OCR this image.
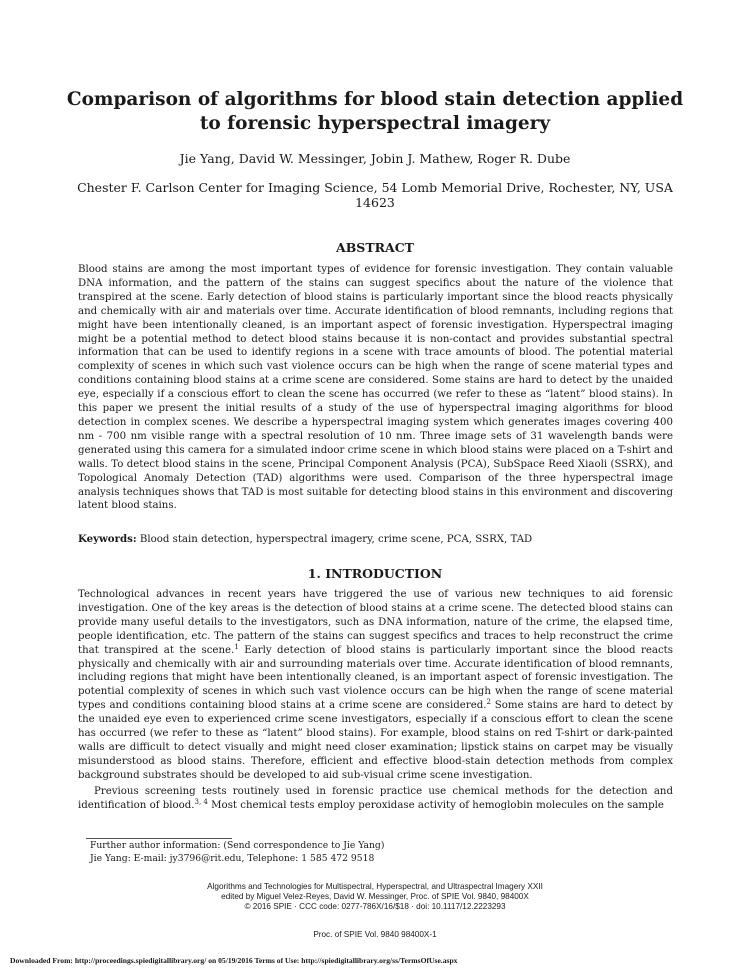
Comparison of algorithms for blood stain detection applied to forensic hyperspectral imagery
Jie Yang, David W. Messinger, Jobin J. Mathew, Roger R. Dube
Chester F. Carlson Center for Imaging Science, 54 Lomb Memorial Drive, Rochester, NY, USA 14623
ABSTRACT

Blood stains are among the most important types of evidence for forensic investigation. They contain valuable DNA information, and the pattern of the stains can suggest specifics about the nature of the violence that transpired at the scene. Early detection of blood stains is particularly important since the blood reacts physically and chemically with air and materials over time. Accurate identification of blood remnants, including regions that might have been intentionally cleaned, is an important aspect of forensic investigation. Hyperspectral imaging might be a potential method to detect blood stains because it is non-contact and provides substantial spectral information that can be used to identify regions in a scene with trace amounts of blood. The potential material complexity of scenes in which such vast violence occurs can be high when the range of scene material types and conditions containing blood stains at a crime scene are considered. Some stains are hard to detect by the unaided eye, especially if a conscious effort to clean the scene has occurred (we refer to these as “latent” blood stains). In this paper we present the initial results of a study of the use of hyperspectral imaging algorithms for blood detection in complex scenes. We describe a hyperspectral imaging system which generates images covering 400 nm - 700 nm visible range with a spectral resolution of 10 nm. Three image sets of 31 wavelength bands were generated using this camera for a simulated indoor crime scene in which blood stains were placed on a T-shirt and walls. To detect blood stains in the scene, Principal Component Analysis (PCA), SubSpace Reed Xiaoli (SSRX), and Topological Anomaly Detection (TAD) algorithms were used. Comparison of the three hyperspectral image analysis techniques shows that TAD is most suitable for detecting blood stains in this environment and discovering latent blood stains.

Keywords: Blood stain detection, hyperspectral imagery, crime scene, PCA, SSRX, TAD
1. INTRODUCTION

Technological advances in recent years have triggered the use of various new techniques to aid forensic investigation. One of the key areas is the detection of blood stains at a crime scene. The detected blood stains can provide many useful details to the investigators, such as DNA information, nature of the crime, the elapsed time, people identification, etc. The pattern of the stains can suggest specifics and traces to help reconstruct the crime that transpired at the scene.$^1$ Early detection of blood stains is particularly important since the blood reacts physically and chemically with air and surrounding materials over time. Accurate identification of blood remnants, including regions that might have been intentionally cleaned, is an important aspect of forensic investigation. The potential complexity of scenes in which such vast violence occurs can be high when the range of scene material types and conditions containing blood stains at a crime scene are considered.$^2$ Some stains are hard to detect by the unaided eye even to experienced crime scene investigators, especially if a conscious effort to clean the scene has occurred (we refer to these as “latent” blood stains). For example, blood stains on red T-shirt or dark-painted walls are difficult to detect visually and might need closer examination; lipstick stains on carpet may be visually misunderstood as blood stains. Therefore, efficient and effective blood-stain detection methods from complex background substrates should be developed to aid sub-visual crime scene investigation.

Previous screening tests routinely used in forensic practice use chemical methods for the detection and identification of blood.$^{3, 4}$ Most chemical tests employ peroxidase activity of hemoglobin molecules on the sample

Further author information: (Send correspondence to Jie Yang)
Jie Yang: E-mail: jy3796@rit.edu, Telephone: 1 585 472 9518
Algorithms and Technologies for Multispectral, Hyperspectral, and Ultraspectral Imagery XXII
edited by Miguel Velez-Reyes, David W. Messinger, Proc. of SPIE Vol. 9840, 98400X
© 2016 SPIE · CCC code: 0277-786X/16/$18 · doi: 10.1117/12.2223293
Proc. of SPIE Vol. 9840 98400X-1
Downloaded From: http://proceedings.spiedigitallibrary.org/ on 05/19/2016 Terms of Use: http://spiedigitallibrary.org/ss/TermsOfUse.aspx
